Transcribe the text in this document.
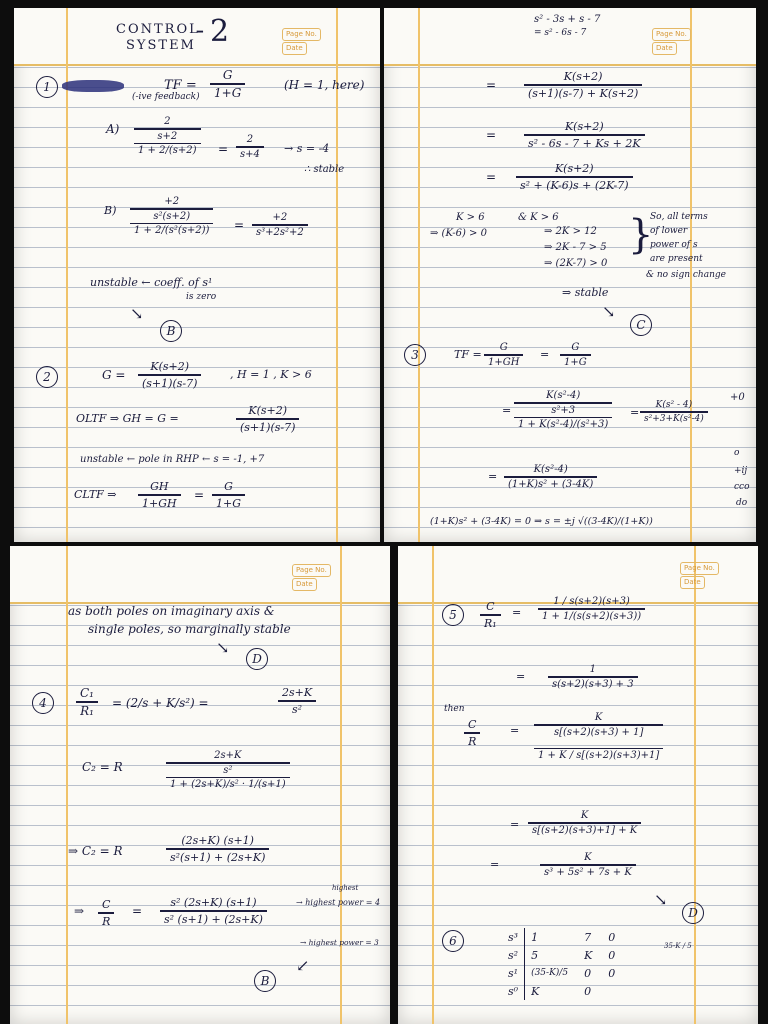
Page No.
Date
CONTROL
SYSTEM
- 2
1	TF =
G
1+G
(H = 1, here)
(-ive feedback)
A)
2
s+2
1 + 2/(s+2)	=
2
s+4	→ s = -4
∴ stable
B)
+2
s²(s+2)
1 + 2/(s²(s+2))	=
+2
s³+2s²+2
unstable ← coeff. of s¹
is zero
↘
B
2	G =
K(s+2)
(s+1)(s-7)
, H = 1 , K > 6
OLTF ⇒ GH = G =
K(s+2)
(s+1)(s-7)
unstable ← pole in RHP ← s = -1, +7
CLTF ⇒
GH
1+GH
=
G
1+G
Page No.
Date
s² - 3s + s - 7
= s² - 6s - 7
=
K(s+2)
(s+1)(s-7) + K(s+2)
=
K(s+2)
s² - 6s - 7 + Ks + 2K
=
K(s+2)
s² + (K-6)s + (2K-7)
K > 6
⇒ (K-6) > 0
& K > 6
⇒ 2K > 12
⇒ 2K - 7 > 5
⇒ (2K-7) > 0
}
So, all terms
of lower
power of s
are present
& no sign change
⇒ stable
↘
C
3	TF =
G
1+GH
=
G
1+G
=
K(s²-4)
s²+3
1 + K(s²-4)/(s²+3)
=
K(s² - 4)
s²+3+K(s²-4)
=
K(s²-4)
(1+K)s² + (3-4K)
(1+K)s² + (3-4K) = 0 ⇒ s = ±j √((3-4K)/(1+K))
+0
o
+ij
cco
do
Page No.
Date
as both poles on imaginary axis &
single poles, so marginally stable
↘
D
4
C₁
R₁
= (2/s + K/s²) =
2s+K
s²
C₂ = R
2s+K
s²
1 + (2s+K)/s² · 1/(s+1)
⇒ C₂ = R
(2s+K) (s+1)
s²(s+1) + (2s+K)
⇒	C
R
=
s² (2s+K) (s+1)
s² (s+1) + (2s+K)
highest
→ highest power = 4
→ highest power = 3
↙
B
Page No.
Date
5
C
R₁
=
1 / s(s+2)(s+3)
1 + 1/(s(s+2)(s+3))
=
1
s(s+2)(s+3) + 3
then
C
R
=
K
s[(s+2)(s+3) + 1]
1 + K / s[(s+2)(s+3)+1]
=
K
s[(s+2)(s+3)+1] + K
=
K
s³ + 5s² + 7s + K
↘
D
6	s³	1	7	0
s²	5	K	0
s¹	(35-K)/5	0	0
s⁰	K	0	
35-K / 5
